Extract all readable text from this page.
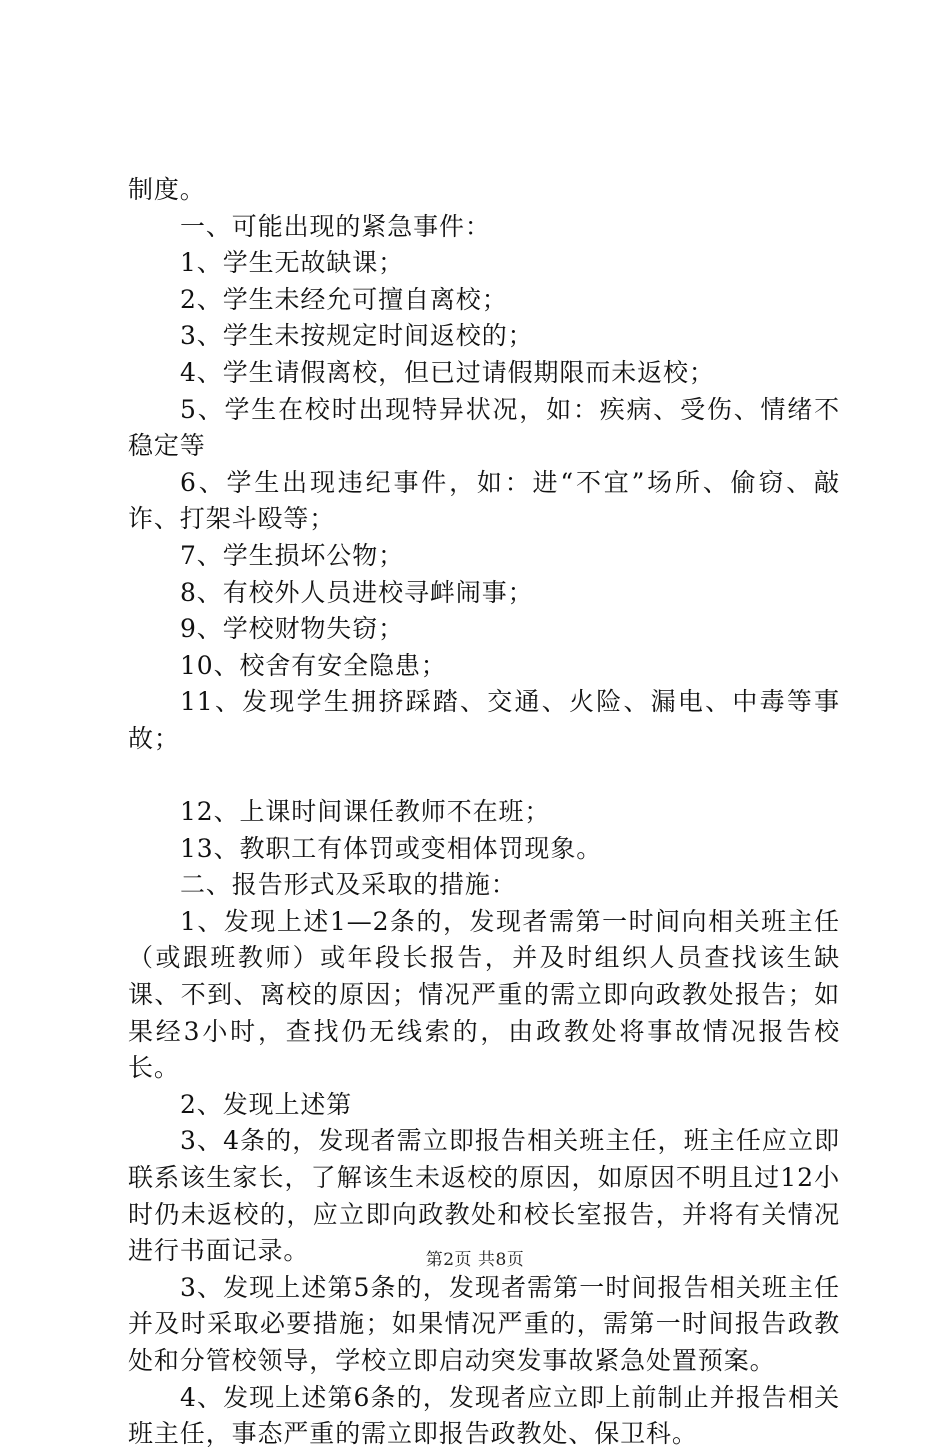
制度。

一、可能出现的紧急事件：

1、学生无故缺课；

2、学生未经允可擅自离校；

3、学生未按规定时间返校的；

4、学生请假离校，但已过请假期限而未返校；

5、学生在校时出现特异状况，如：疾病、受伤、情绪不稳定等

6、学生出现违纪事件，如：进“不宜”场所、偷窃、敲诈、打架斗殴等；

7、学生损坏公物；

8、有校外人员进校寻衅闹事；

9、学校财物失窃；

10、校舍有安全隐患；

11、发现学生拥挤踩踏、交通、火险、漏电、中毒等事故；

12、上课时间课任教师不在班；

13、教职工有体罚或变相体罚现象。

二、报告形式及采取的措施：

1、发现上述1—2条的，发现者需第一时间向相关班主任（或跟班教师）或年段长报告，并及时组织人员查找该生缺课、不到、离校的原因；情况严重的需立即向政教处报告；如果经3小时，查找仍无线索的，由政教处将事故情况报告校长。

2、发现上述第

3、4条的，发现者需立即报告相关班主任，班主任应立即联系该生家长，了解该生未返校的原因，如原因不明且过12小时仍未返校的，应立即向政教处和校长室报告，并将有关情况进行书面记录。

3、发现上述第5条的，发现者需第一时间报告相关班主任并及时采取必要措施；如果情况严重的，需第一时间报告政教处和分管校领导，学校立即启动突发事故紧急处置预案。

4、发现上述第6条的，发现者应立即上前制止并报告相关班主任，事态严重的需立即报告政教处、保卫科。

第2页 共8页
